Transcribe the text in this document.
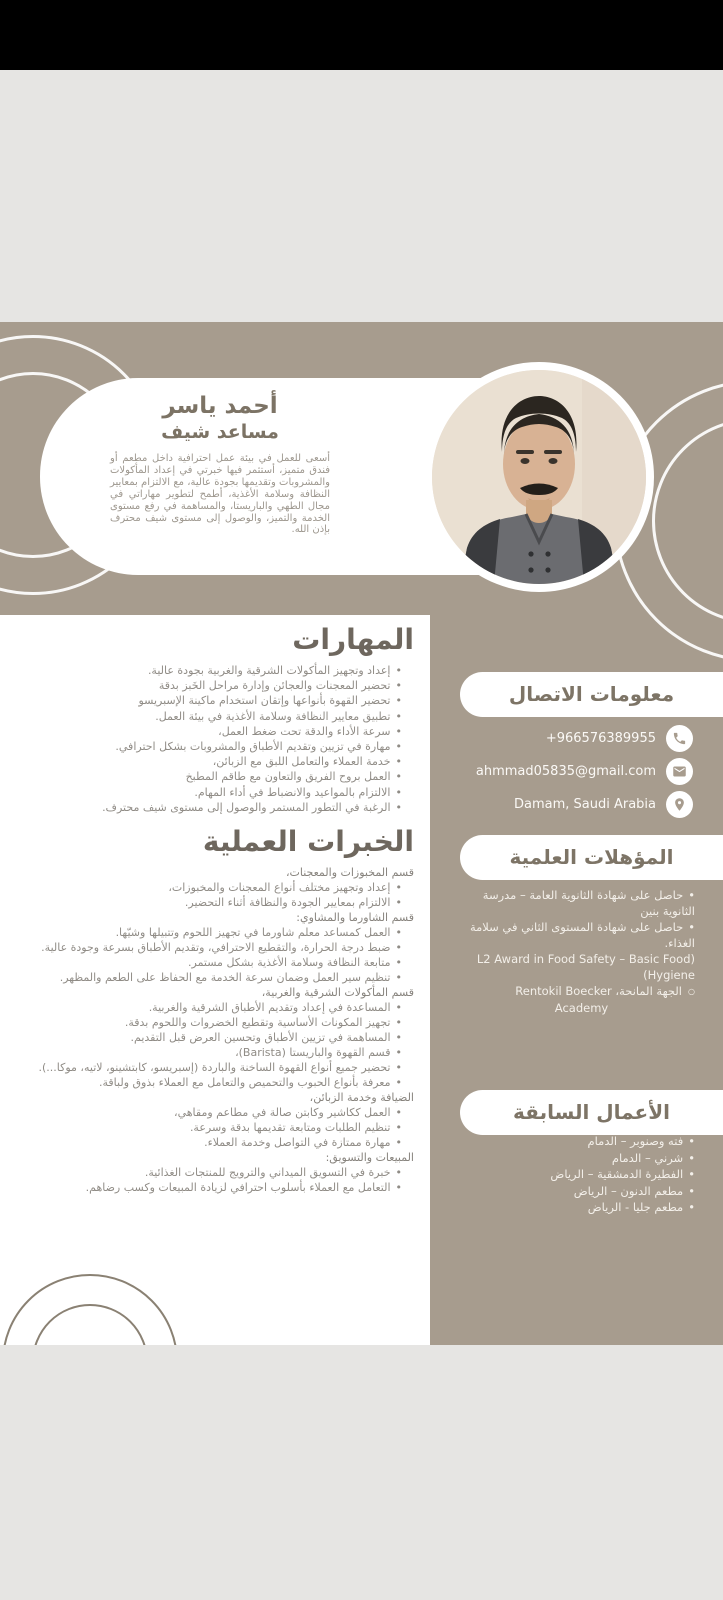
أحمد ياسر
مساعد شيف
أسعى للعمل في بيئة عمل احترافية داخل مطعم أو فندق متميز، أستثمر فيها خبرتي في إعداد المأكولات والمشروبات وتقديمها بجودة عالية، مع الالتزام بمعايير النظافة وسلامة الأغذية، أطمح لتطوير مهاراتي في مجال الطهي والباريستا، والمساهمة في رفع مستوى الخدمة والتميز، والوصول إلى مستوى شيف محترف بإذن الله.
المهارات
• إعداد وتجهيز المأكولات الشرقية والغربية بجودة عالية.
• تحضير المعجنات والعجائن وإدارة مراحل الخَبز بدقة
• تحضير القهوة بأنواعها وإتقان استخدام ماكينة الإسبريسو
• تطبيق معايير النظافة وسلامة الأغذية في بيئة العمل.
• سرعة الأداء والدقة تحت ضغط العمل،
• مهارة في تزيين وتقديم الأطباق والمشروبات بشكل احترافي.
• خدمة العملاء والتعامل اللبق مع الزبائن،
• العمل بروح الفريق والتعاون مع طاقم المطبخ
• الالتزام بالمواعيد والانضباط في أداء المهام.
• الرغبة في التطور المستمر والوصول إلى مستوى شيف محترف.
الخبرات العملية
قسم المخبوزات والمعجنات،
• إعداد وتجهيز مختلف أنواع المعجنات والمخبوزات،
• الالتزام بمعايير الجودة والنظافة أثناء التحضير.
قسم الشاورما والمشاوي:
• العمل كمساعد معلم شاورما في تجهيز اللحوم وتتبيلها وشيّها.
• ضبط درجة الحرارة، والتقطيع الاحترافي، وتقديم الأطباق بسرعة وجودة عالية.
• متابعة النظافة وسلامة الأغذية بشكل مستمر.
• تنظيم سير العمل وضمان سرعة الخدمة مع الحفاظ على الطعم والمظهر.
قسم المأكولات الشرقية والغربية،
• المساعدة في إعداد وتقديم الأطباق الشرقية والغربية.
• تجهيز المكونات الأساسية وتقطيع الخضروات واللحوم بدقة.
• المساهمة في تزيين الأطباق وتحسين العرض قبل التقديم.
• قسم القهوة والباريستا (Barista)،
• تحضير جميع أنواع القهوة الساخنة والباردة (إسبريسو، كابتشينو، لاتيه، موكا...).
• معرفة بأنواع الحبوب والتحميص والتعامل مع العملاء بذوق ولباقة.
الضيافة وخدمة الزبائن،
• العمل ككاشير وكابتن صالة في مطاعم ومقاهي،
• تنظيم الطلبات ومتابعة تقديمها بدقة وسرعة.
• مهارة ممتازة في التواصل وخدمة العملاء.
المبيعات والتسويق:
• خبرة في التسويق الميداني والترويج للمنتجات الغذائية.
• التعامل مع العملاء بأسلوب احترافي لزيادة المبيعات وكسب رضاهم.
معلومات الاتصال
+966576389955
ahmmad05835@gmail.com
Damam, Saudi Arabia
المؤهلات العلمية
• حاصل على شهادة الثانوية العامة – مدرسة الثانوية بنين
• حاصل على شهادة المستوى الثاني في سلامة الغذاء.
L2 Award in Food Safety – Basic Food)
(Hygiene
○ الجهة المانحة، Rentokil Boecker
Academy
الأعمال السابقة
• فته وصنوبر – الدمام
• شرني – الدمام
• الفطيرة الدمشقية – الرياض
• مطعم الدنون – الرياض
• مطعم جليا - الرياض
